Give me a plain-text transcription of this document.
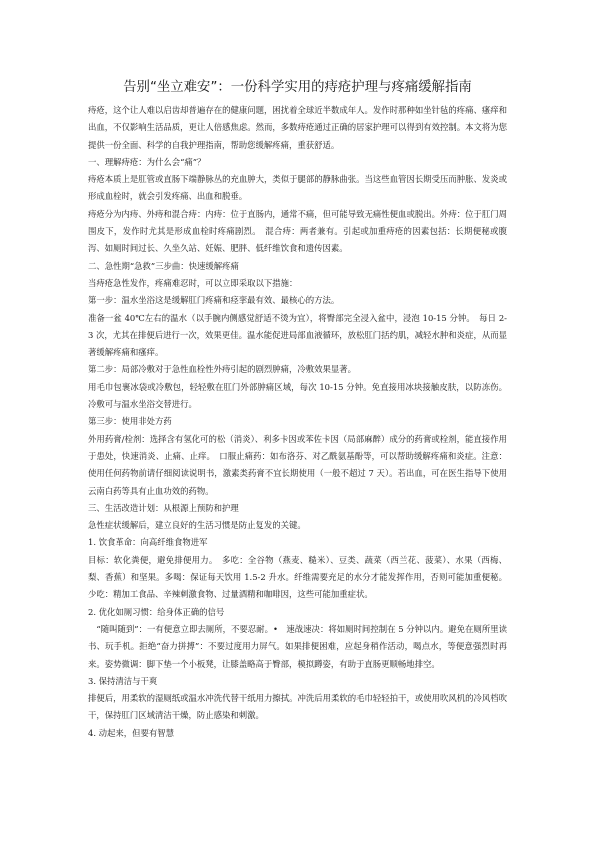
告别“坐立难安”：一份科学实用的痔疮护理与疼痛缓解指南

痔疮，这个让人难以启齿却普遍存在的健康问题，困扰着全球近半数成年人。发作时那种如坐针毡的疼痛、瘙痒和出血，不仅影响生活品质，更让人倍感焦虑。然而，多数痔疮通过正确的居家护理可以得到有效控制。本文将为您提供一份全面、科学的自我护理指南，帮助您缓解疼痛，重获舒适。

一、理解痔疮：为什么会“痛”？

痔疮本质上是肛管或直肠下端静脉丛的充血肿大，类似于腿部的静脉曲张。当这些血管因长期受压而肿胀、发炎或形成血栓时，就会引发疼痛、出血和脱垂。

痔疮分为内痔、外痔和混合痔：内痔：位于直肠内，通常不痛，但可能导致无痛性便血或脱出。外痔：位于肛门周围皮下，发作时尤其是形成血栓时疼痛剧烈。　混合痔：两者兼有。引起或加重痔疮的因素包括：长期便秘或腹泻、如厕时间过长、久坐久站、妊娠、肥胖、低纤维饮食和遗传因素。

二、急性期“急救”三步曲：快速缓解疼痛

当痔疮急性发作，疼痛难忍时，可以立即采取以下措施：

第一步：温水坐浴这是缓解肛门疼痛和痉挛最有效、最核心的方法。

准备一盆 40℃左右的温水（以手腕内侧感觉舒适不烫为宜），将臀部完全浸入盆中，浸泡 10-15 分钟。　每日 2-3 次，尤其在排便后进行一次，效果更佳。温水能促进局部血液循环，放松肛门括约肌，减轻水肿和炎症，从而显著缓解疼痛和瘙痒。

第二步：局部冷敷对于急性血栓性外痔引起的剧烈肿痛，冷敷效果显著。

用毛巾包裹冰袋或冷敷包，轻轻敷在肛门外部肿痛区域，每次 10-15 分钟。免直接用冰块接触皮肤，以防冻伤。冷敷可与温水坐浴交替进行。

第三步：使用非处方药

外用药膏/栓剂：选择含有氢化可的松（消炎）、利多卡因或苯佐卡因（局部麻醉）成分的药膏或栓剂，能直接作用于患处，快速消炎、止痛、止痒。　口服止痛药：如布洛芬、对乙酰氨基酚等，可以帮助缓解疼痛和炎症。注意：使用任何药物前请仔细阅读说明书，激素类药膏不宜长期使用（一般不超过 7 天）。若出血，可在医生指导下使用云南白药等具有止血功效的药物。

三、生活改造计划：从根源上预防和护理

急性症状缓解后，建立良好的生活习惯是防止复发的关键。

1. 饮食革命：向高纤维食物进军

目标：软化粪便，避免排便用力。　多吃：全谷物（燕麦、糙米）、豆类、蔬菜（西兰花、菠菜）、水果（西梅、梨、香蕉）和坚果。多喝：保证每天饮用 1.5-2 升水。纤维需要充足的水分才能发挥作用，否则可能加重便秘。少吃：精加工食品、辛辣刺激食物、过量酒精和咖啡因，这些可能加重症状。

2. 优化如厕习惯：给身体正确的信号

“随叫随到”：一有便意立即去厕所，不要忍耐。•　速战速决：将如厕时间控制在 5 分钟以内。避免在厕所里读书、玩手机。拒绝“奋力拼搏”：不要过度用力屏气。如果排便困难，应起身稍作活动，喝点水，等便意强烈时再来。姿势微调：脚下垫一个小板凳，让膝盖略高于臀部，模拟蹲姿，有助于直肠更顺畅地排空。

3. 保持清洁与干爽

排便后，用柔软的湿厕纸或温水冲洗代替干纸用力擦拭。冲洗后用柔软的毛巾轻轻拍干，或使用吹风机的冷风档吹干，保持肛门区域清洁干燥，防止感染和刺激。

4. 动起来，但要有智慧
